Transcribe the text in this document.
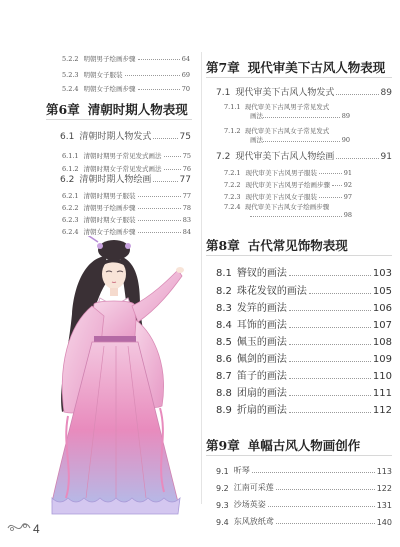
5.2.2 明朝男子绘画步骤	64
5.2.3 明朝女子服装	69
5.2.4 明朝女子绘画步骤	70
第6章 清朝时期人物表现
6.1 清朝时期人物发式	75
6.1.1 清朝时期男子常见发式画法	75
6.1.2 清朝时期女子常见发式画法	76
6.2 清朝时期人物绘画	77
6.2.1 清朝时期男子服装	77
6.2.2 清朝男子绘画步骤	78
6.2.3 清朝时期女子服装	83
6.2.4 清朝女子绘画步骤	84
4
第7章 现代审美下古风人物表现
7.1 现代审美下古风人物发式	89
7.1.1 现代审美下古风男子常见发式
画法	89
7.1.2 现代审美下古风女子常见发式
画法	90
7.2 现代审美下古风人物绘画	91
7.2.1 现代审美下古风男子服装	91
7.2.2 现代审美下古风男子绘画步骤 92
7.2.3 现代审美下古风女子服装	97
7.2.4 现代审美下古风女子绘画步骤
98
第8章 古代常见饰物表现
8.1 簪钗的画法	103
8.2 珠花发钗的画法	105
8.3 发笄的画法	106
8.4 耳饰的画法	107
8.5 佩玉的画法	108
8.6 佩剑的画法	109
8.7 笛子的画法	110
8.8 团扇的画法	111
8.9 折扇的画法	112
第9章 单幅古风人物画创作
9.1 听琴	113
9.2 江南可采莲	122
9.3 沙场英姿	131
9.4 东风放纸鸢	140
